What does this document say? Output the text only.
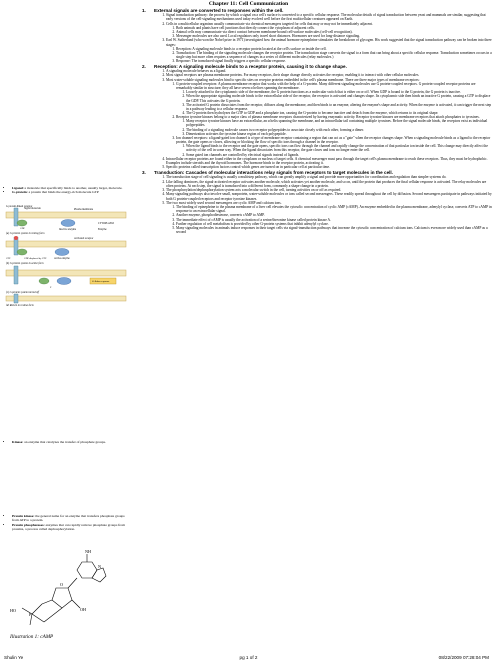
Chapter 11: Cell Communication
• Ligand: a molecule that specifically binds to another, usually larger, molecule.
• G-protein: a protein that binds the energy-rich molecule GTP
G protein-linked receptor
Plasma membrane
Signal molecule
Inactive enzyme
GDP
CYTOPLASM
Enzyme
(a) G protein system in resting form
GDP displaced by GTP
GTP
Activated receptor
Active enzyme
(b) G protein system in active form
Cellular response
P
(c) G protein system turned off
(d) Return to resting form
• Kinase: an enzyme that catalyzes the transfer of phosphate groups.
• Protein kinase: the general name for an enzyme that transfers phosphate groups from ATP to a protein.
• Protein phosphatases: enzymes that can rapidly remove phosphate groups from proteins, a process called dephosphorylation.
NH
N
O
P
OH
HO
Illustration 1: cAMP
1. External signals are converted to responses within the cell.
1. Signal transduction pathway: the process by which a signal on a cell's surface is converted to a specific cellular response. The molecular details of signal transduction between yeast and mammals are similar, suggesting that early versions of the cell-signaling mechanisms used today evolved well before the first multicellular creatures appeared on Earth.
2. Cells in a multicellular organism usually communicate via chemical messengers targeted for cells that may or may not be immediately adjacent.
1. Both animals and plants have cell junctions that directly connect the cytoplasm of adjacent cells.
2. Animal cells may communicate via direct contact between membrane-bound cell-surface molecules (cell-cell recognition).
3. Messenger molecules are also used. Local regulators only travel short distances. Hormones are used for long-distance signaling.
3. Earl W. Sutherland (who won the Nobel prize in 1971) investigated how the animal hormone epinephrine stimulates the breakdown of glycogen. His work suggested that the signal transduction pathway can be broken into three stages:
1. Reception: A signaling molecule binds to a receptor protein located at the cell's surface or inside the cell.
2. Transduction: The binding of the signaling molecule changes the receptor protein. The transduction stage converts the signal to a form that can bring about a specific cellular response. Transduction sometimes occurs in a single step but more often requires a sequence of changes in a series of different molecules (relay molecules.)
3. Response: The transduced signal finally triggers a specific cellular response.
2. Reception: A signaling molecule binds to a receptor protein, causing it to change shape.
1. A signaling molecule behaves as a ligand.
2. Most signal receptors are plasma membrane proteins. For many receptors, their shape change directly activates the receptor, enabling it to interact with other cellular molecules.
3. Most water-soluble signaling molecules bind to specific sites on receptor proteins embedded in the cell's plasma membrane. There are three major types of membrane receptors:
1. G protein-coupled receptors: A plasma membrane receptor that works with the help of a G-protein. Many different signaling molecules use G protein-coupled receptors. G protein-coupled receptor proteins are remarkably similar in structure; they all have seven α helices spanning the membrane.
1. Loosely attached to the cytoplasmic side of the membrane, the G protein functions as a molecular switch that is either on or off. When GDP is bound to the G protein, the G protein is inactive.
2. When the appropriate signaling molecule binds to the extracellular side of the receptor, the receptor is activated and changes shape. Its cytoplasmic side then binds an inactive G protein, causing a GTP to displace the GDP. This activates the G protein.
3. The activated G protein dissociates from the receptor, diffuses along the membrane, and then binds to an enzyme, altering the enzyme's shape and activity. When the enzyme is activated, it can trigger the next step in a pathway leading to a cellular response.
4. The G-protein then hydrolyzes the GTP to GDP and a phosphate ion, causing the G-protein to become inactive and detach from the enzyme, which returns to its original shape.
2. Receptor tyrosine kinases belong to a major class of plasma membrane receptors characterized by having enzymatic activity. Receptor tyrosine kinases are membrane receptors that attach phosphates to tyrosines.
1. Many receptor tyrosine kinases have an extracellular, an α helix spanning the membrane, and an intracellular tail containing multiple tyrosines. Before the signal molecule binds, the receptors exist as individual polypeptides.
2. The binding of a signaling molecule causes two receptor polypeptides to associate closely with each other, forming a dimer.
3. Dimerization activates the tyrosine kinase region of each polypeptide.
3. Ion channel receptors: a ligand-gated ion channel is a type of membrane receptor containing a region that can act as a "gate" when the receptor changes shape. When a signaling molecule binds as a ligand to the receptor protein, the gate opens or closes, allowing or blocking the flow of specific ions through a channel in the receptor.
1. When the ligand binds to the receptor and the gate opens, specific ions can flow through the channel and rapidly change the concentration of that particular ion inside the cell. This change may directly affect the activity of the cell in some way. When the ligand dissociates from this receptor, the gate closes and ions no longer enter the cell.
2. Some gated ion channels are controlled by electrical signals instead of ligands.
4. Intracellular receptor proteins are found either in the cytoplasm or nucleus of target cells. A chemical messenger must pass through the target cell's plasma membrane to reach these receptors. Thus, they must be hydrophobic. Examples include steroids and the thyroid hormones. The hormone binds to the receptor protein, activating it.
5. Specific proteins called transcription factors control which genes are turned on in particular cell at particular time.
3. Transduction: Cascades of molecular interactions relay signals from receptors to target molecules in the cell.
1. The transduction stage of cell signaling is usually a multistep pathway, which can greatly amplify a signal and provide more opportunities for coordination and regulation than simpler systems do.
2. Like falling dominoes, the signal-activated receptor activates another molecule, which activates yet another molecule, and so on, until the protein that produces the final cellular response is activated. The relay molecules are often proteins. At each step, the signal is transduced into a different form, commonly a shape change in a protein.
3. The phosphorylation/dephosphorylation system acts a molecular switch in the cell, turning activities on or off as required.
4. Many signaling pathways also involve small, nonprotein, water-soluble molecules or ions called second messengers. These readily spread throughout the cell by diffusion. Second messengers participate in pathways initiated by both G protein-coupled receptors and receptor tyrosine kinases.
5. The two most widely used second messengers are cyclic AMP and calcium ions.
1. The binding of epinephrine to the plasma membrane of a liver cell elevates the cytosolic concentration of cyclic AMP (cAMP). An enzyme embedded in the plasma membrane, adenylyl cyclase, converts ATP to cAMP in response to an extracellular signal.
2. Another enzyme, phosphodiesterase, converts cAMP to AMP.
3. The immediate effect of cAMP is usually the activation of a serine/threonine kinase called protein kinase A.
4. Further regulation of cell metabolism is provided by other G-protein systems that inhibit adenylyl cyclase.
5. Many signaling molecules in animals induce responses in their target cells via signal-transduction pathways that increase the cytosolic concentration of calcium ions. Calcium is even more widely used than cAMP as a second
Shulin Ye	pg 1 of 2	08/22/2009 07:28:04 PM
